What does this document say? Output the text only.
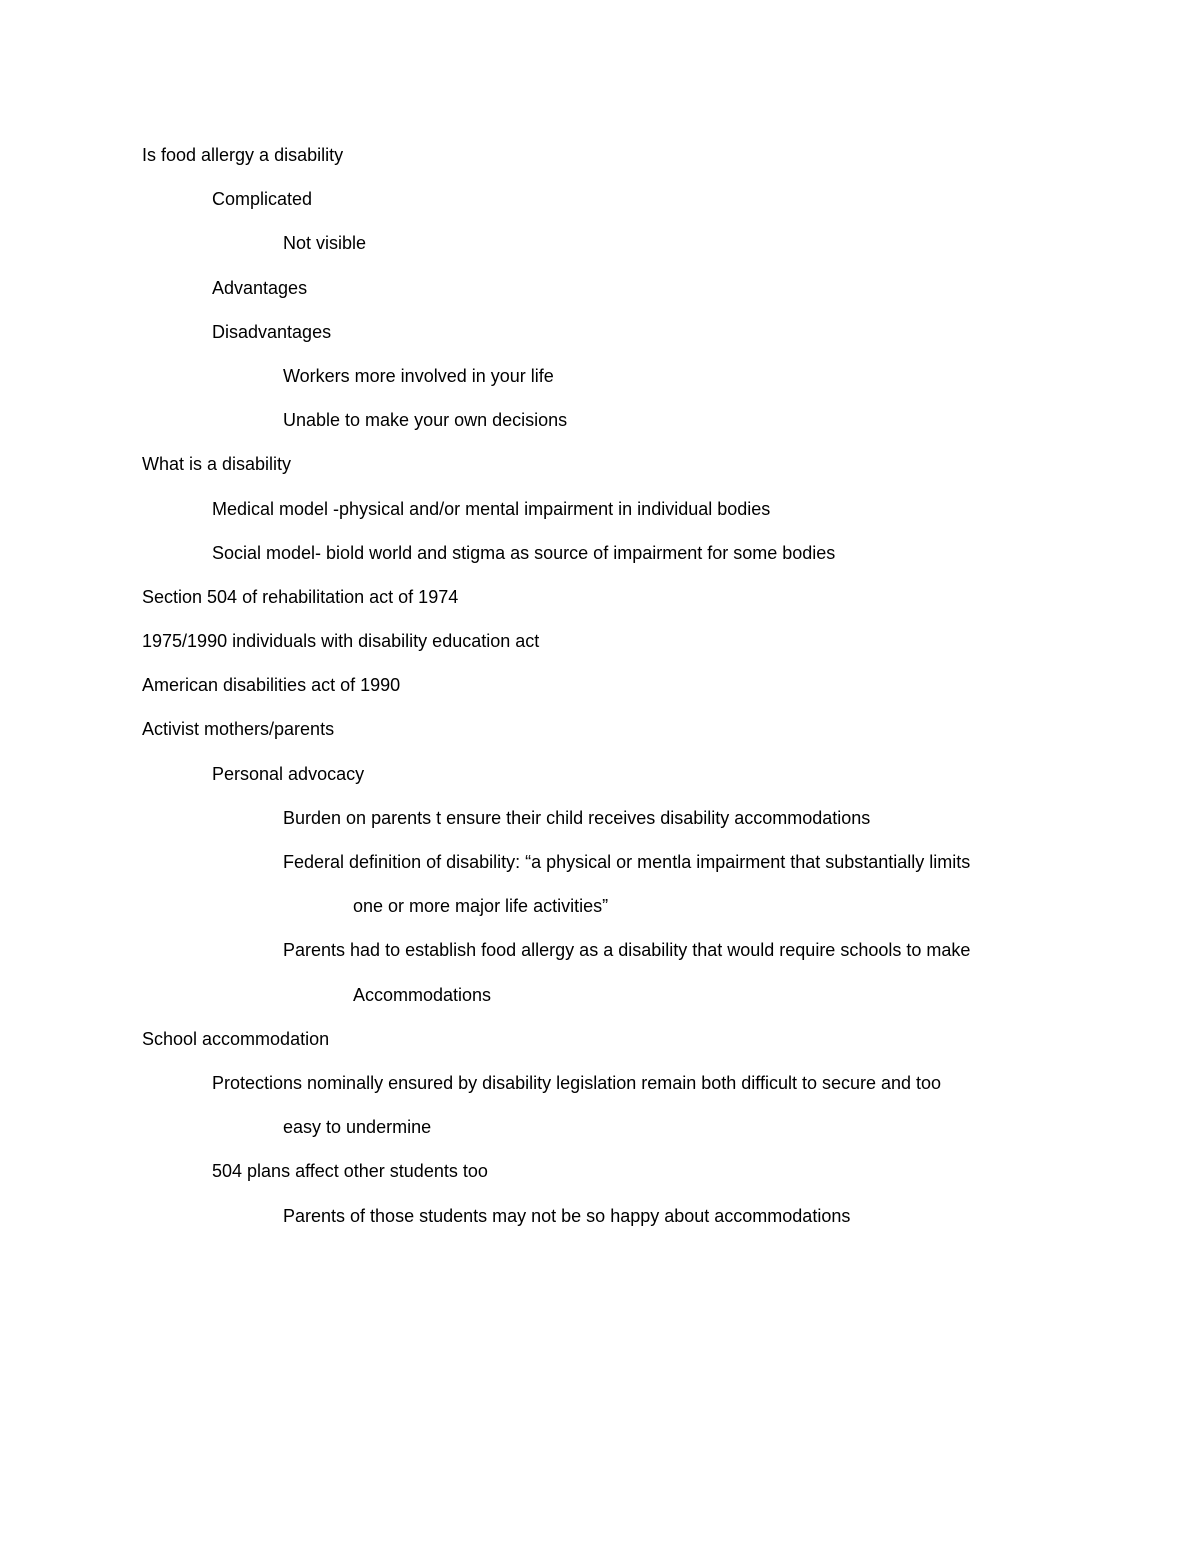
Is food allergy a disability
Complicated
Not visible
Advantages
Disadvantages
Workers more involved in your life
Unable to make your own decisions
What is a disability
Medical model -physical and/or mental impairment in individual bodies
Social model- biold world and stigma as source of impairment for some bodies
Section 504 of rehabilitation act of 1974
1975/1990 individuals with disability education act
American disabilities act of 1990
Activist mothers/parents
Personal advocacy
Burden on parents t ensure their child receives disability accommodations
Federal definition of disability: “a physical or mentla impairment that substantially limits
one or more major life activities”
Parents had to establish food allergy as a disability that would require schools to make
Accommodations
School accommodation
Protections nominally ensured by disability legislation remain both difficult to secure and too
easy to undermine
504 plans affect other students too
Parents of those students may not be so happy about accommodations
